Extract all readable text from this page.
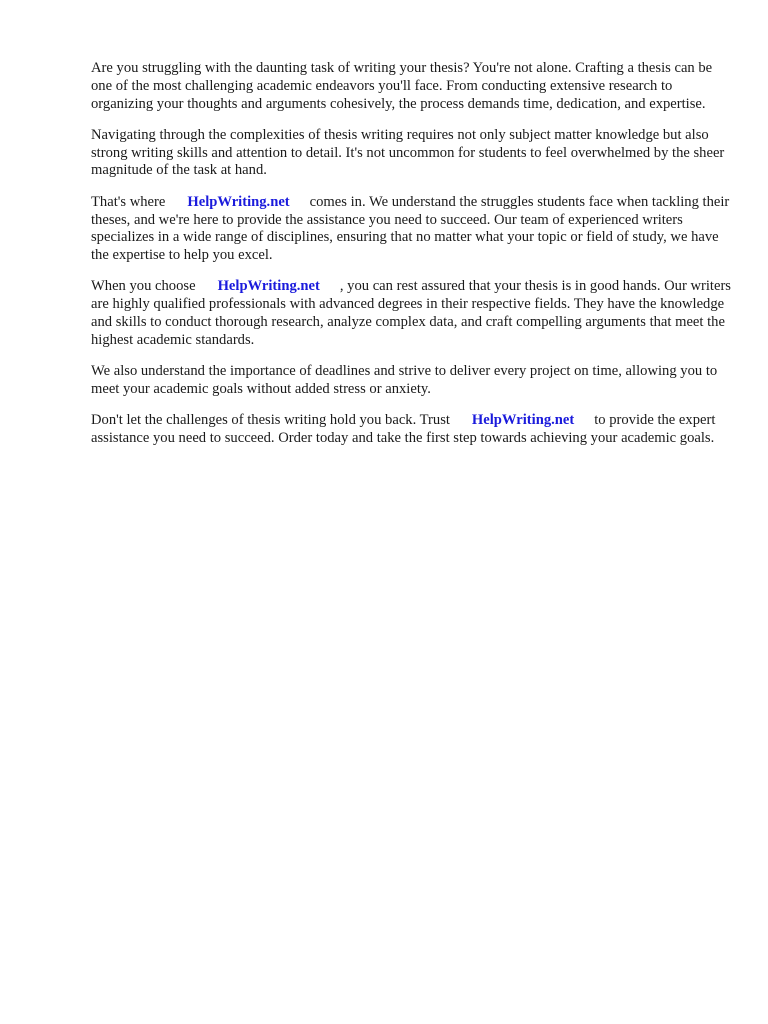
Are you struggling with the daunting task of writing your thesis? You're not alone. Crafting a thesis can be one of the most challenging academic endeavors you'll face. From conducting extensive research to organizing your thoughts and arguments cohesively, the process demands time, dedication, and expertise.

Navigating through the complexities of thesis writing requires not only subject matter knowledge but also strong writing skills and attention to detail. It's not uncommon for students to feel overwhelmed by the sheer magnitude of the task at hand.

That's where HelpWriting.net comes in. We understand the struggles students face when tackling their theses, and we're here to provide the assistance you need to succeed. Our team of experienced writers specializes in a wide range of disciplines, ensuring that no matter what your topic or field of study, we have the expertise to help you excel.

When you choose HelpWriting.net , you can rest assured that your thesis is in good hands. Our writers are highly qualified professionals with advanced degrees in their respective fields. They have the knowledge and skills to conduct thorough research, analyze complex data, and craft compelling arguments that meet the highest academic standards.

We also understand the importance of deadlines and strive to deliver every project on time, allowing you to meet your academic goals without added stress or anxiety.

Don't let the challenges of thesis writing hold you back. Trust HelpWriting.net to provide the expert assistance you need to succeed. Order today and take the first step towards achieving your academic goals.
